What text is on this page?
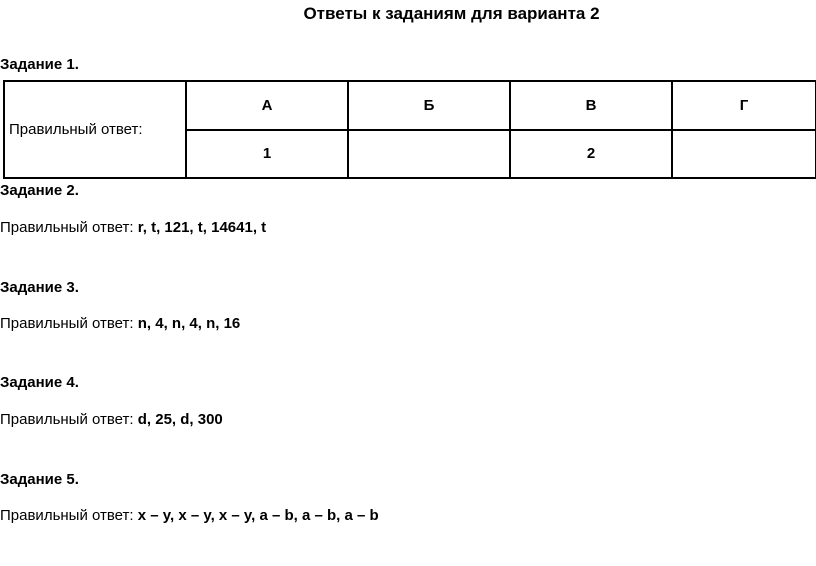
Ответы к заданиям для варианта 2
Задание 1.
Правильный ответ:	А	Б	В	Г
	1		2	
Задание 2.
Правильный ответ: r, t, 121, t, 14641, t
Задание 3.
Правильный ответ: n, 4, n, 4, n, 16
Задание 4.
Правильный ответ: d, 25, d, 300
Задание 5.
Правильный ответ: x – y, x – y, x – y, a – b, a – b, a – b
